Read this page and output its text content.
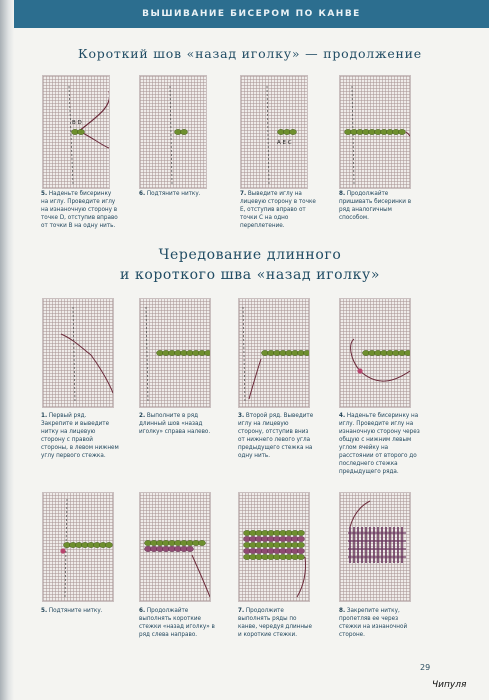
ВЫШИВАНИЕ БИСЕРОМ ПО КАНВЕ
Короткий шов «назад иголку» — продолжение
B D
A E C
5. Наденьте бисеринку на иглу. Проведите иглу на изнаночную сторону в точке D, отступив вправо от точки B на одну нить.
6. Подтяните нитку.	7. Выведите иглу на лицевую сторону в точке E, отступив вправо от точки C на одно переплетение.
8. Продолжайте пришивать бисеринки в ряд аналогичным способом.
Чередование длинного
и короткого шва «назад иголку»
1. Первый ряд. Закрепите и выведите нитку на лицевую сторону с правой стороны, в левом нижнем углу первого стежка.
2. Выполните в ряд длинный шов «назад иголку» справа налево.
3. Второй ряд. Выведите иглу на лицевую сторону, отступив вниз от нижнего левого угла предыдущего стежка на одну нить.
4. Наденьте бисеринку на иглу. Проведите иглу на изнаночную сторону через общую с нижним левым углом ячейку на расстоянии от второго до последнего стежка предыдущего ряда.
5. Подтяните нитку.	6. Продолжайте выполнять короткие стежки «назад иголку» в ряд слева направо.
7. Продолжите выполнять ряды по канве, чередуя длинные и короткие стежки.
8. Закрепите нитку, пропетляв ее через стежки на изнаночной стороне.
29
Чипуля
